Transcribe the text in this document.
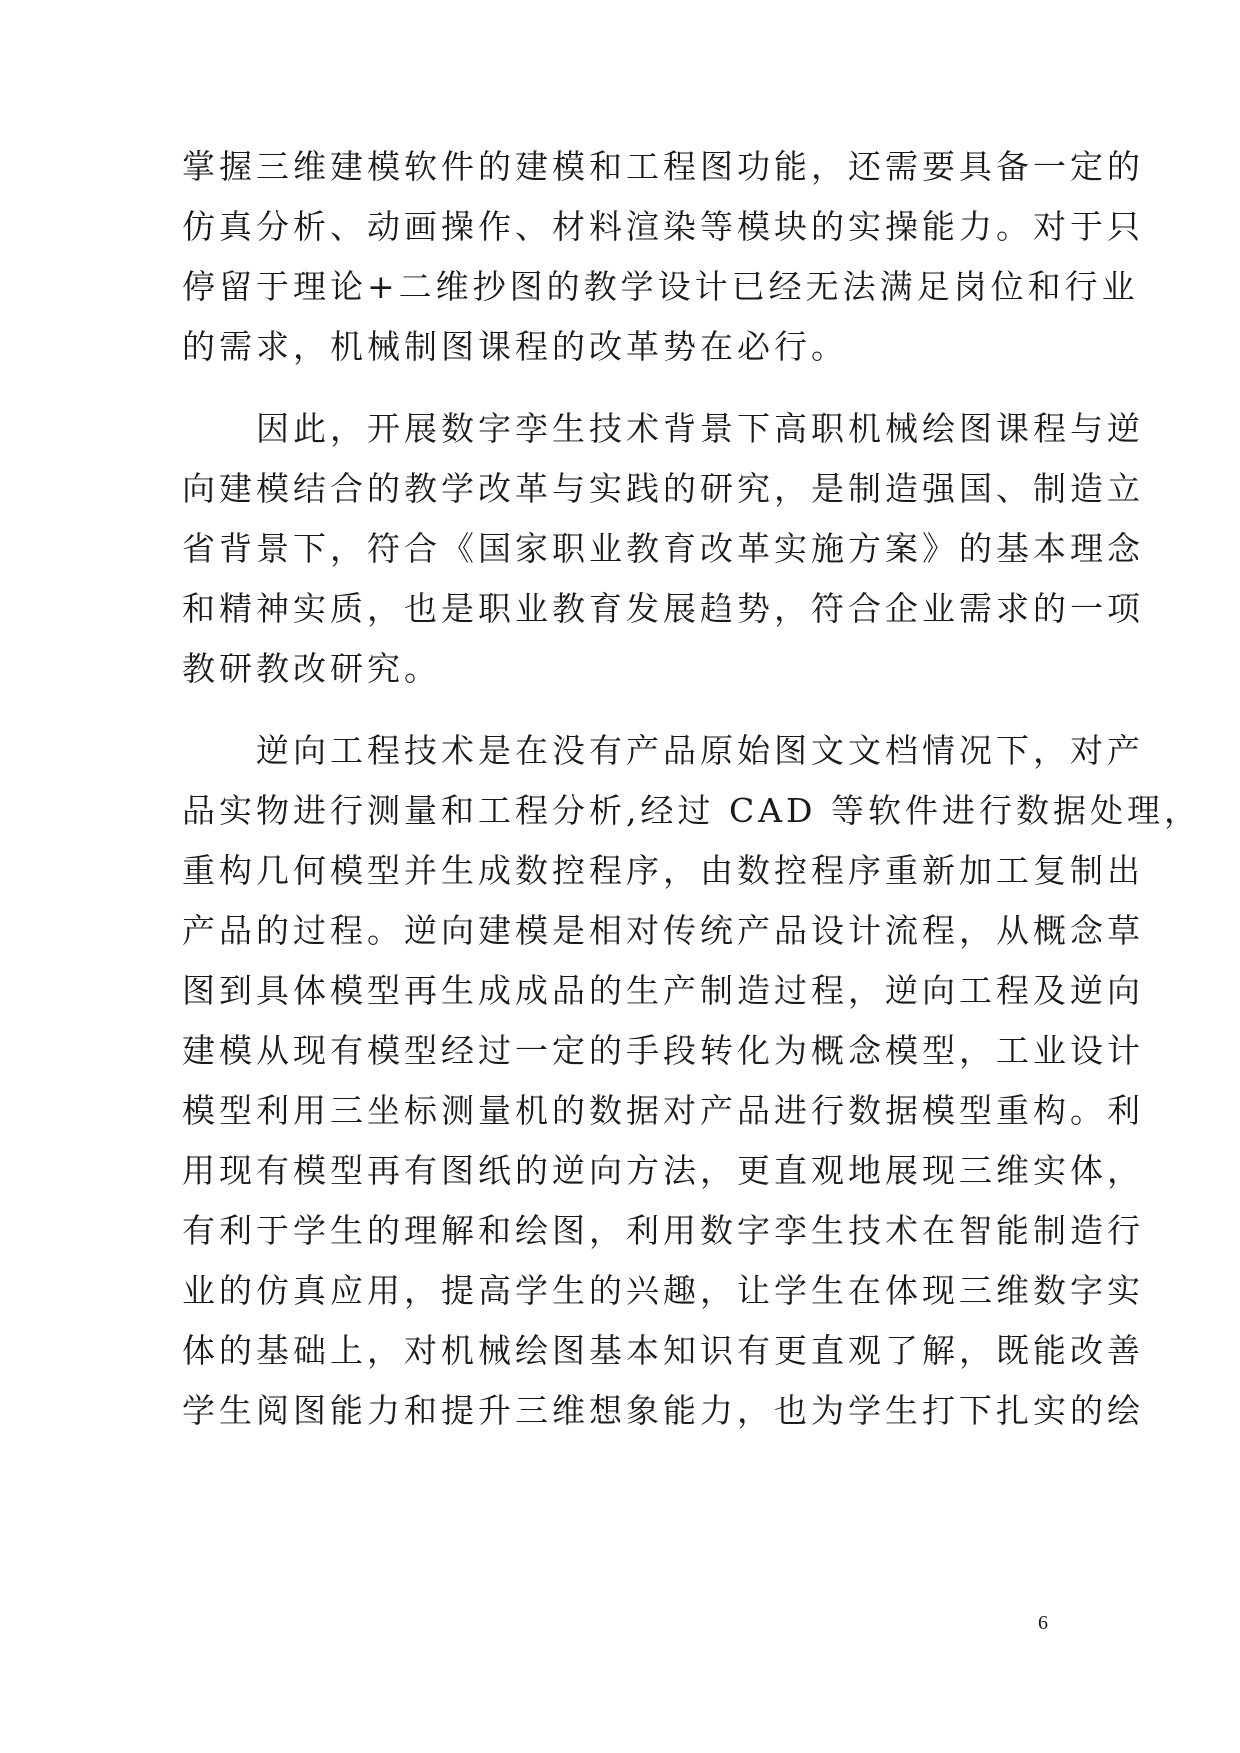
掌握三维建模软件的建模和工程图功能，还需要具备一定的
仿真分析、动画操作、材料渲染等模块的实操能力。对于只
停留于理论+二维抄图的教学设计已经无法满足岗位和行业
的需求，机械制图课程的改革势在必行。
　　因此，开展数字孪生技术背景下高职机械绘图课程与逆
向建模结合的教学改革与实践的研究，是制造强国、制造立
省背景下，符合《国家职业教育改革实施方案》的基本理念
和精神实质，也是职业教育发展趋势，符合企业需求的一项
教研教改研究。
　　逆向工程技术是在没有产品原始图文文档情况下，对产
品实物进行测量和工程分析,经过 CAD 等软件进行数据处理，
重构几何模型并生成数控程序，由数控程序重新加工复制出
产品的过程。逆向建模是相对传统产品设计流程，从概念草
图到具体模型再生成成品的生产制造过程，逆向工程及逆向
建模从现有模型经过一定的手段转化为概念模型，工业设计
模型利用三坐标测量机的数据对产品进行数据模型重构。利
用现有模型再有图纸的逆向方法，更直观地展现三维实体，
有利于学生的理解和绘图，利用数字孪生技术在智能制造行
业的仿真应用，提高学生的兴趣，让学生在体现三维数字实
体的基础上，对机械绘图基本知识有更直观了解，既能改善
学生阅图能力和提升三维想象能力，也为学生打下扎实的绘
6
